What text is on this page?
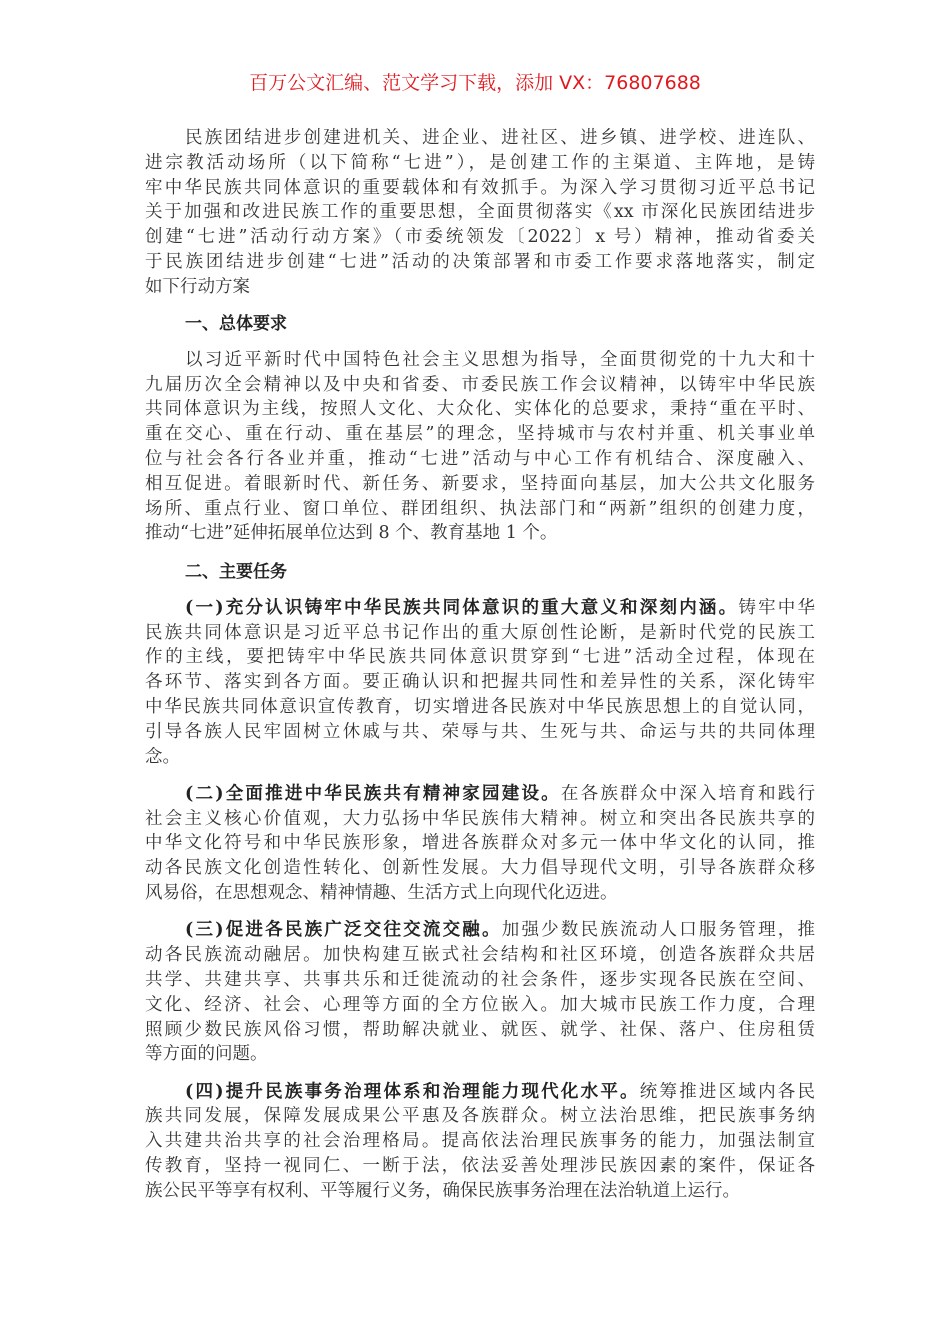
百万公文汇编、范文学习下载，添加 VX：76807688
民族团结进步创建进机关、进企业、进社区、进乡镇、进学校、进连队、
进宗教活动场所（以下简称“七进”），是创建工作的主渠道、主阵地，是铸
牢中华民族共同体意识的重要载体和有效抓手。为深入学习贯彻习近平总书记
关于加强和改进民族工作的重要思想，全面贯彻落实《xx 市深化民族团结进步
创建“七进”活动行动方案》（市委统领发〔2022〕x 号）精神，推动省委关
于民族团结进步创建“七进”活动的决策部署和市委工作要求落地落实，制定
如下行动方案
一、总体要求
以习近平新时代中国特色社会主义思想为指导，全面贯彻党的十九大和十
九届历次全会精神以及中央和省委、市委民族工作会议精神，以铸牢中华民族
共同体意识为主线，按照人文化、大众化、实体化的总要求，秉持“重在平时、
重在交心、重在行动、重在基层”的理念，坚持城市与农村并重、机关事业单
位与社会各行各业并重，推动“七进”活动与中心工作有机结合、深度融入、
相互促进。着眼新时代、新任务、新要求，坚持面向基层，加大公共文化服务
场所、重点行业、窗口单位、群团组织、执法部门和“两新”组织的创建力度，
推动“七进”延伸拓展单位达到 8 个、教育基地 1 个。
二、主要任务
(一)充分认识铸牢中华民族共同体意识的重大意义和深刻内涵。铸牢中华
民族共同体意识是习近平总书记作出的重大原创性论断，是新时代党的民族工
作的主线，要把铸牢中华民族共同体意识贯穿到“七进”活动全过程，体现在
各环节、落实到各方面。要正确认识和把握共同性和差异性的关系，深化铸牢
中华民族共同体意识宣传教育，切实增进各民族对中华民族思想上的自觉认同，
引导各族人民牢固树立休戚与共、荣辱与共、生死与共、命运与共的共同体理
念。
(二)全面推进中华民族共有精神家园建设。在各族群众中深入培育和践行
社会主义核心价值观，大力弘扬中华民族伟大精神。树立和突出各民族共享的
中华文化符号和中华民族形象，增进各族群众对多元一体中华文化的认同，推
动各民族文化创造性转化、创新性发展。大力倡导现代文明，引导各族群众移
风易俗，在思想观念、精神情趣、生活方式上向现代化迈进。
(三)促进各民族广泛交往交流交融。加强少数民族流动人口服务管理，推
动各民族流动融居。加快构建互嵌式社会结构和社区环境，创造各族群众共居
共学、共建共享、共事共乐和迁徙流动的社会条件，逐步实现各民族在空间、
文化、经济、社会、心理等方面的全方位嵌入。加大城市民族工作力度，合理
照顾少数民族风俗习惯，帮助解决就业、就医、就学、社保、落户、住房租赁
等方面的问题。
(四)提升民族事务治理体系和治理能力现代化水平。统筹推进区域内各民
族共同发展，保障发展成果公平惠及各族群众。树立法治思维，把民族事务纳
入共建共治共享的社会治理格局。提高依法治理民族事务的能力，加强法制宣
传教育，坚持一视同仁、一断于法，依法妥善处理涉民族因素的案件，保证各
族公民平等享有权利、平等履行义务，确保民族事务治理在法治轨道上运行。
